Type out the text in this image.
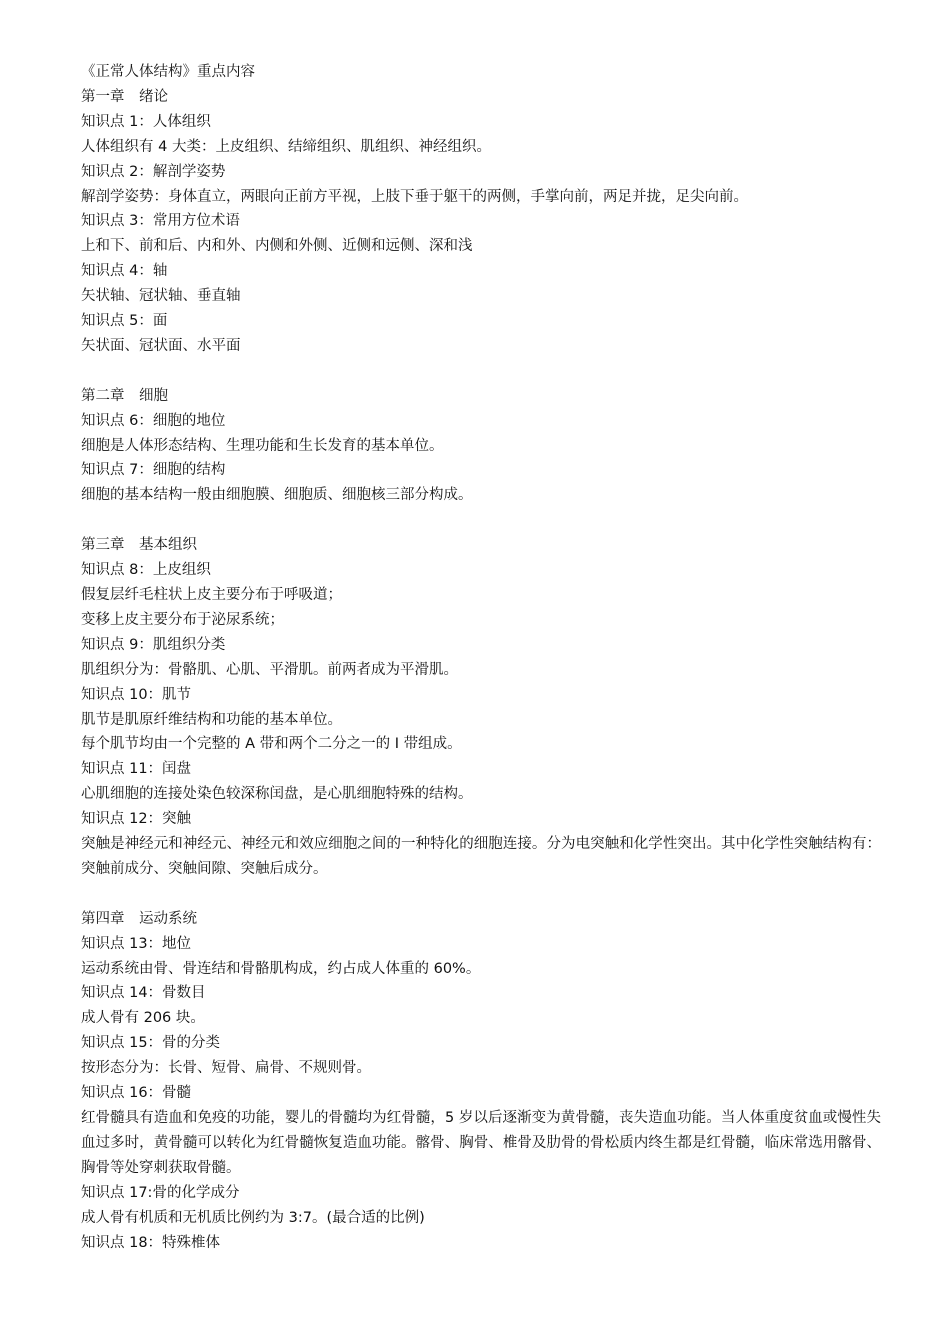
《正常人体结构》重点内容

第一章　绪论

知识点 1：人体组织

人体组织有 4 大类：上皮组织、结缔组织、肌组织、神经组织。

知识点 2：解剖学姿势

解剖学姿势：身体直立，两眼向正前方平视，上肢下垂于躯干的两侧，手掌向前，两足并拢，足尖向前。

知识点 3：常用方位术语

上和下、前和后、内和外、内侧和外侧、近侧和远侧、深和浅

知识点 4：轴

矢状轴、冠状轴、垂直轴

知识点 5：面

矢状面、冠状面、水平面

第二章　细胞

知识点 6：细胞的地位

细胞是人体形态结构、生理功能和生长发育的基本单位。

知识点 7：细胞的结构

细胞的基本结构一般由细胞膜、细胞质、细胞核三部分构成。

第三章　基本组织

知识点 8：上皮组织

假复层纤毛柱状上皮主要分布于呼吸道；

变移上皮主要分布于泌尿系统；

知识点 9：肌组织分类

肌组织分为：骨骼肌、心肌、平滑肌。前两者成为平滑肌。

知识点 10：肌节

肌节是肌原纤维结构和功能的基本单位。

每个肌节均由一个完整的 A 带和两个二分之一的 I 带组成。

知识点 11：闰盘

心肌细胞的连接处染色较深称闰盘，是心肌细胞特殊的结构。

知识点 12：突触

突触是神经元和神经元、神经元和效应细胞之间的一种特化的细胞连接。分为电突触和化学性突出。其中化学性突触结构有：突触前成分、突触间隙、突触后成分。

第四章　运动系统

知识点 13：地位

运动系统由骨、骨连结和骨骼肌构成，约占成人体重的 60%。

知识点 14：骨数目

成人骨有 206 块。

知识点 15：骨的分类

按形态分为：长骨、短骨、扁骨、不规则骨。

知识点 16：骨髓

红骨髓具有造血和免疫的功能，婴儿的骨髓均为红骨髓，5 岁以后逐渐变为黄骨髓，丧失造血功能。当人体重度贫血或慢性失血过多时，黄骨髓可以转化为红骨髓恢复造血功能。髂骨、胸骨、椎骨及肋骨的骨松质内终生都是红骨髓，临床常选用髂骨、胸骨等处穿刺获取骨髓。

知识点 17:骨的化学成分

成人骨有机质和无机质比例约为 3:7。(最合适的比例)

知识点 18：特殊椎体
